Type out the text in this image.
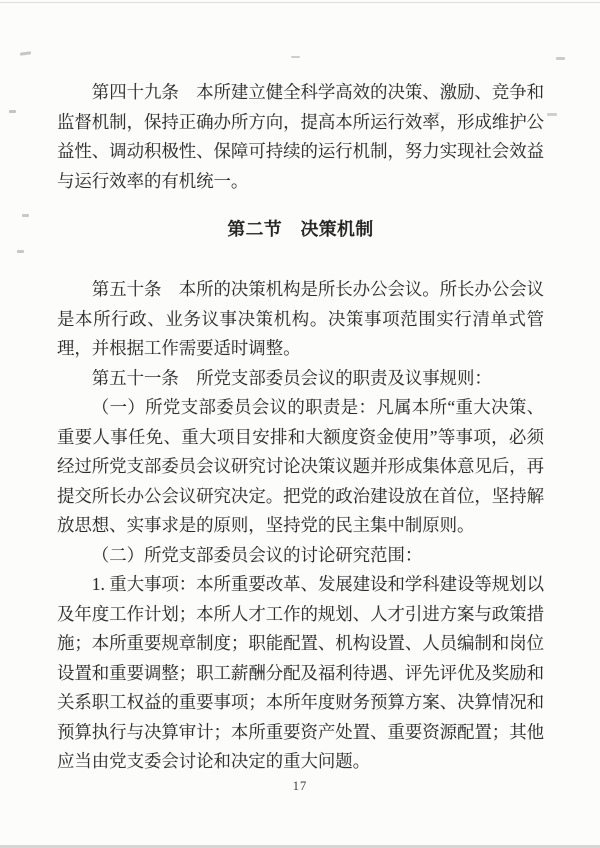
第四十九条　本所建立健全科学高效的决策、激励、竞争和监督机制，保持正确办所方向，提高本所运行效率，形成维护公益性、调动积极性、保障可持续的运行机制，努力实现社会效益与运行效率的有机统一。

第二节　决策机制

第五十条　本所的决策机构是所长办公会议。所长办公会议是本所行政、业务议事决策机构。决策事项范围实行清单式管理，并根据工作需要适时调整。

第五十一条　所党支部委员会议的职责及议事规则：

（一）所党支部委员会议的职责是：凡属本所“重大决策、重要人事任免、重大项目安排和大额度资金使用”等事项，必须经过所党支部委员会议研究讨论决策议题并形成集体意见后，再提交所长办公会议研究决定。把党的政治建设放在首位，坚持解放思想、实事求是的原则，坚持党的民主集中制原则。

（二）所党支部委员会议的讨论研究范围：

1. 重大事项：本所重要改革、发展建设和学科建设等规划以及年度工作计划；本所人才工作的规划、人才引进方案与政策措施；本所重要规章制度；职能配置、机构设置、人员编制和岗位设置和重要调整；职工薪酬分配及福利待遇、评先评优及奖励和关系职工权益的重要事项；本所年度财务预算方案、决算情况和预算执行与决算审计；本所重要资产处置、重要资源配置；其他应当由党支委会讨论和决定的重大问题。

17
